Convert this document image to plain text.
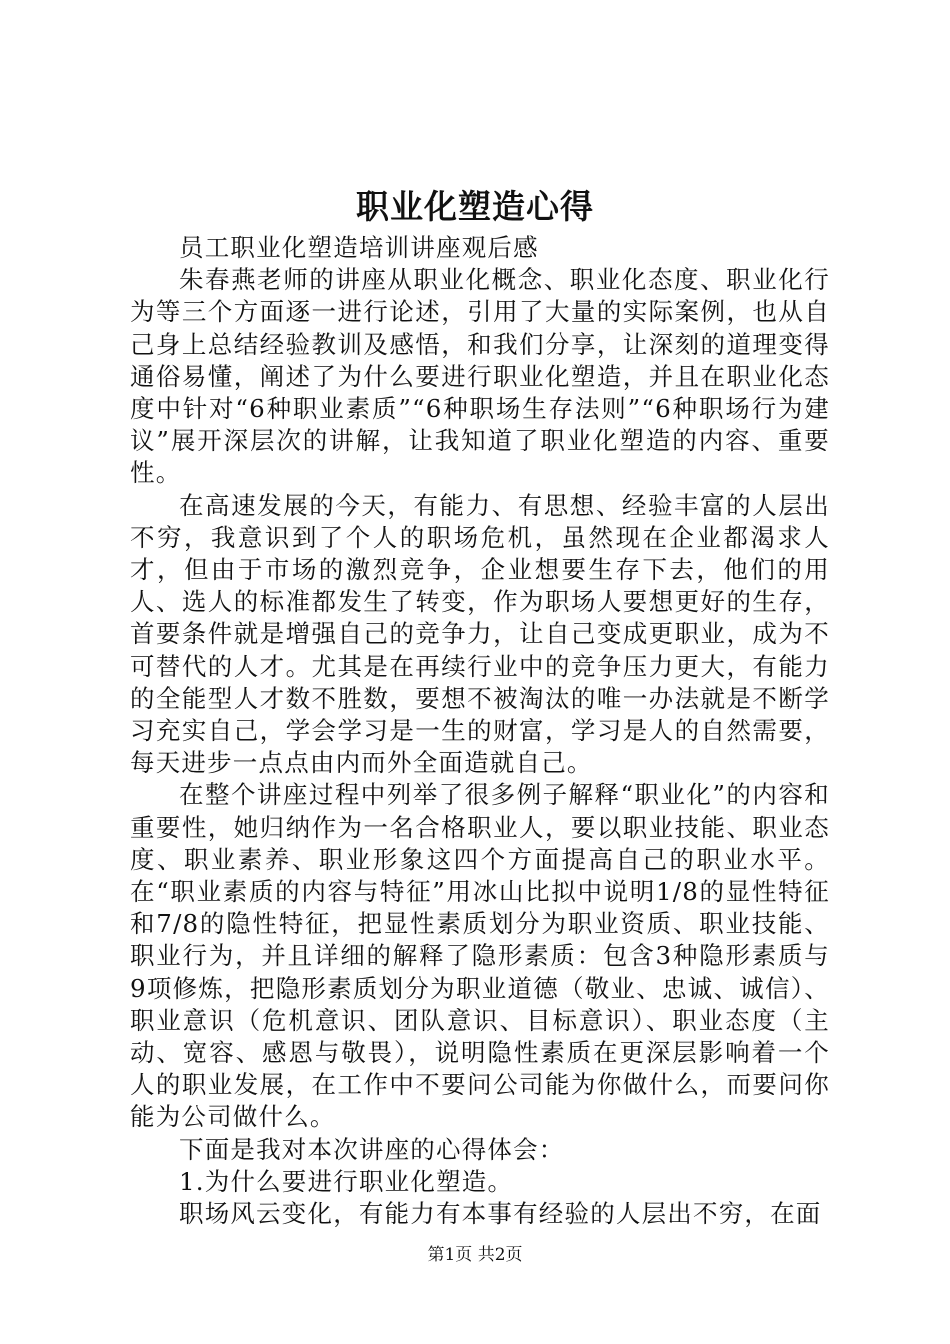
职业化塑造心得

员工职业化塑造培训讲座观后感

朱春燕老师的讲座从职业化概念、职业化态度、职业化行为等三个方面逐一进行论述，引用了大量的实际案例，也从自己身上总结经验教训及感悟，和我们分享，让深刻的道理变得通俗易懂，阐述了为什么要进行职业化塑造，并且在职业化态度中针对“6种职业素质”“6种职场生存法则”“6种职场行为建议”展开深层次的讲解，让我知道了职业化塑造的内容、重要性。

在高速发展的今天，有能力、有思想、经验丰富的人层出不穷，我意识到了个人的职场危机，虽然现在企业都渴求人才，但由于市场的激烈竞争，企业想要生存下去，他们的用人、选人的标准都发生了转变，作为职场人要想更好的生存，首要条件就是增强自己的竞争力，让自己变成更职业，成为不可替代的人才。尤其是在再续行业中的竞争压力更大，有能力的全能型人才数不胜数，要想不被淘汰的唯一办法就是不断学习充实自己，学会学习是一生的财富，学习是人的自然需要，每天进步一点点由内而外全面造就自己。

在整个讲座过程中列举了很多例子解释“职业化”的内容和重要性，她归纳作为一名合格职业人，要以职业技能、职业态度、职业素养、职业形象这四个方面提高自己的职业水平。在“职业素质的内容与特征”用冰山比拟中说明1/8的显性特征和7/8的隐性特征，把显性素质划分为职业资质、职业技能、职业行为，并且详细的解释了隐形素质：包含3种隐形素质与9项修炼，把隐形素质划分为职业道德（敬业、忠诚、诚信）、职业意识（危机意识、团队意识、目标意识）、职业态度（主动、宽容、感恩与敬畏），说明隐性素质在更深层影响着一个人的职业发展，在工作中不要问公司能为你做什么，而要问你能为公司做什么。

下面是我对本次讲座的心得体会：

1.为什么要进行职业化塑造。

职场风云变化，有能力有本事有经验的人层出不穷，在面

第1页 共2页
